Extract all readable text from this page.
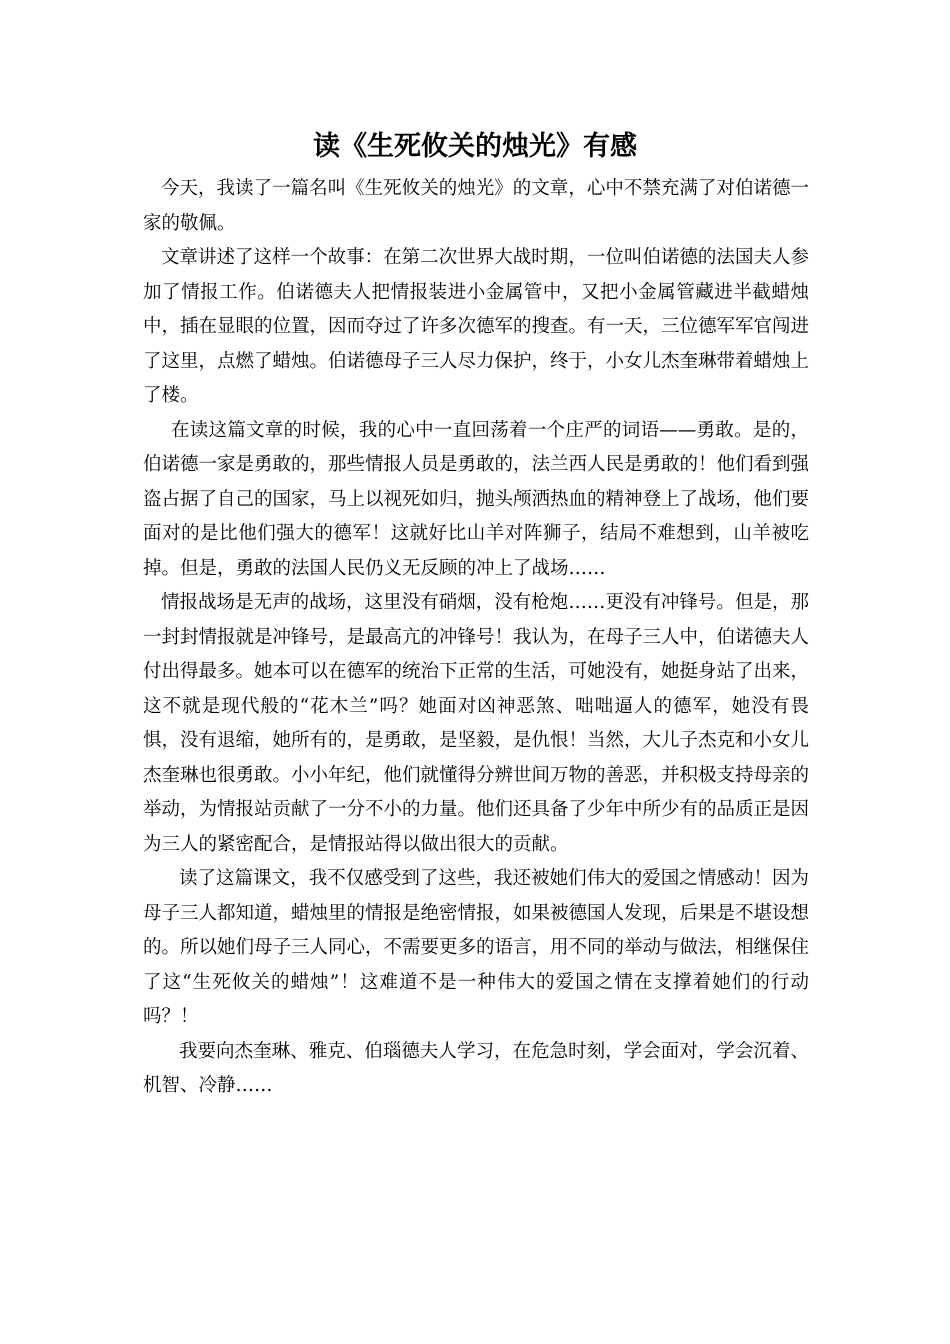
读《生死攸关的烛光》有感

今天，我读了一篇名叫《生死攸关的烛光》的文章，心中不禁充满了对伯诺德一家的敬佩。

文章讲述了这样一个故事：在第二次世界大战时期，一位叫伯诺德的法国夫人参加了情报工作。伯诺德夫人把情报装进小金属管中，又把小金属管藏进半截蜡烛中，插在显眼的位置，因而夺过了许多次德军的搜查。有一天，三位德军军官闯进了这里，点燃了蜡烛。伯诺德母子三人尽力保护，终于，小女儿杰奎琳带着蜡烛上了楼。

在读这篇文章的时候，我的心中一直回荡着一个庄严的词语——勇敢。是的，伯诺德一家是勇敢的，那些情报人员是勇敢的，法兰西人民是勇敢的！他们看到强盗占据了自己的国家，马上以视死如归，抛头颅洒热血的精神登上了战场，他们要面对的是比他们强大的德军！这就好比山羊对阵狮子，结局不难想到，山羊被吃掉。但是，勇敢的法国人民仍义无反顾的冲上了战场……

情报战场是无声的战场，这里没有硝烟，没有枪炮……更没有冲锋号。但是，那一封封情报就是冲锋号，是最高亢的冲锋号！我认为，在母子三人中，伯诺德夫人付出得最多。她本可以在德军的统治下正常的生活，可她没有，她挺身站了出来，这不就是现代般的“花木兰”吗？她面对凶神恶煞、咄咄逼人的德军，她没有畏惧，没有退缩，她所有的，是勇敢，是坚毅，是仇恨！当然，大儿子杰克和小女儿杰奎琳也很勇敢。小小年纪，他们就懂得分辨世间万物的善恶，并积极支持母亲的举动，为情报站贡献了一分不小的力量。他们还具备了少年中所少有的品质正是因为三人的紧密配合，是情报站得以做出很大的贡献。

读了这篇课文，我不仅感受到了这些，我还被她们伟大的爱国之情感动！因为母子三人都知道，蜡烛里的情报是绝密情报，如果被德国人发现，后果是不堪设想的。所以她们母子三人同心，不需要更多的语言，用不同的举动与做法，相继保住了这“生死攸关的蜡烛”！这难道不是一种伟大的爱国之情在支撑着她们的行动吗？！

我要向杰奎琳、雅克、伯瑙德夫人学习，在危急时刻，学会面对，学会沉着、机智、冷静……
